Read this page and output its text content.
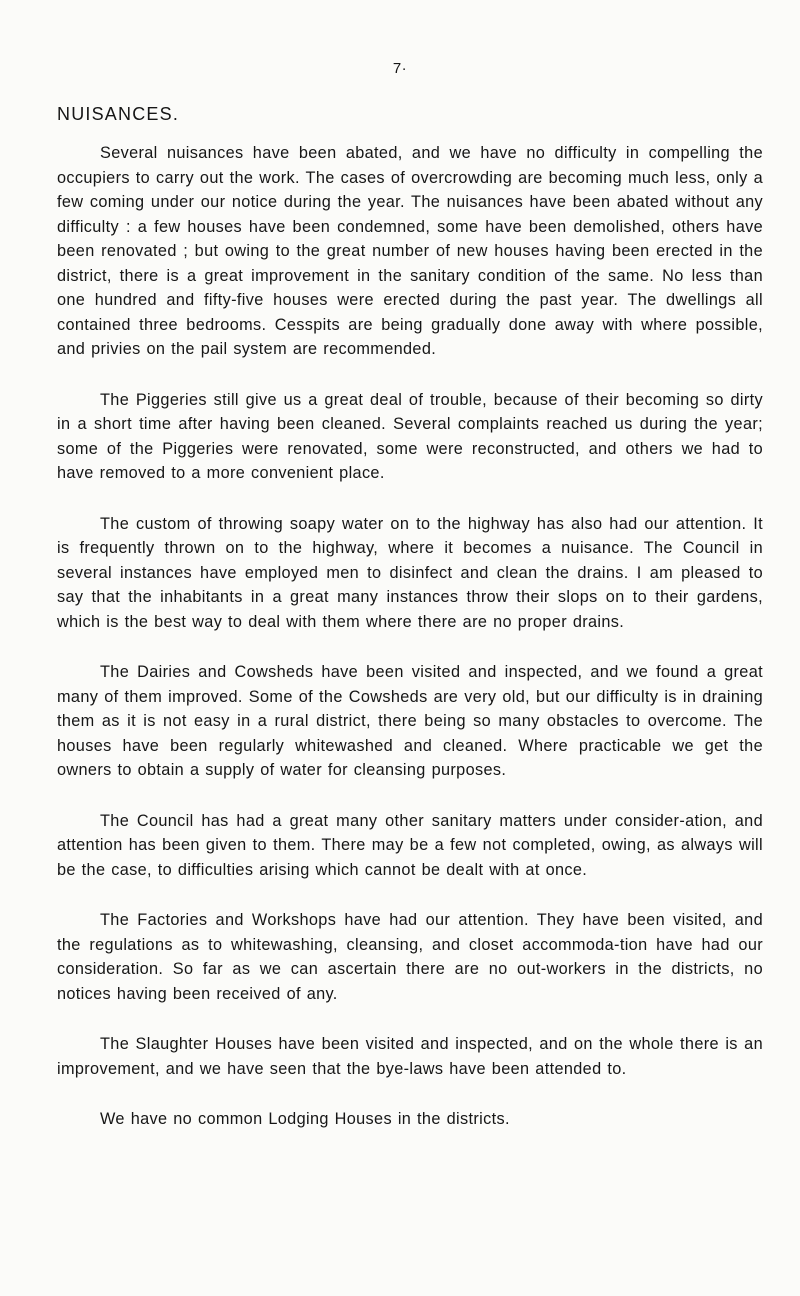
7·
NUISANCES.

Several nuisances have been abated, and we have no difficulty in compelling the occupiers to carry out the work. The cases of overcrowding are becoming much less, only a few coming under our notice during the year. The nuisances have been abated without any difficulty : a few houses have been condemned, some have been demolished, others have been renovated ; but owing to the great number of new houses having been erected in the district, there is a great improvement in the sanitary condition of the same. No less than one hundred and fifty-five houses were erected during the past year. The dwellings all contained three bedrooms. Cesspits are being gradually done away with where possible, and privies on the pail system are recommended.

The Piggeries still give us a great deal of trouble, because of their becoming so dirty in a short time after having been cleaned. Several complaints reached us during the year; some of the Piggeries were renovated, some were reconstructed, and others we had to have removed to a more convenient place.

The custom of throwing soapy water on to the highway has also had our attention. It is frequently thrown on to the highway, where it becomes a nuisance. The Council in several instances have employed men to disinfect and clean the drains. I am pleased to say that the inhabitants in a great many instances throw their slops on to their gardens, which is the best way to deal with them where there are no proper drains.

The Dairies and Cowsheds have been visited and inspected, and we found a great many of them improved. Some of the Cowsheds are very old, but our difficulty is in draining them as it is not easy in a rural district, there being so many obstacles to overcome. The houses have been regularly whitewashed and cleaned. Where practicable we get the owners to obtain a supply of water for cleansing purposes.

The Council has had a great many other sanitary matters under consider-ation, and attention has been given to them. There may be a few not completed, owing, as always will be the case, to difficulties arising which cannot be dealt with at once.

The Factories and Workshops have had our attention. They have been visited, and the regulations as to whitewashing, cleansing, and closet accommoda-tion have had our consideration. So far as we can ascertain there are no out-workers in the districts, no notices having been received of any.

The Slaughter Houses have been visited and inspected, and on the whole there is an improvement, and we have seen that the bye-laws have been attended to.

We have no common Lodging Houses in the districts.
